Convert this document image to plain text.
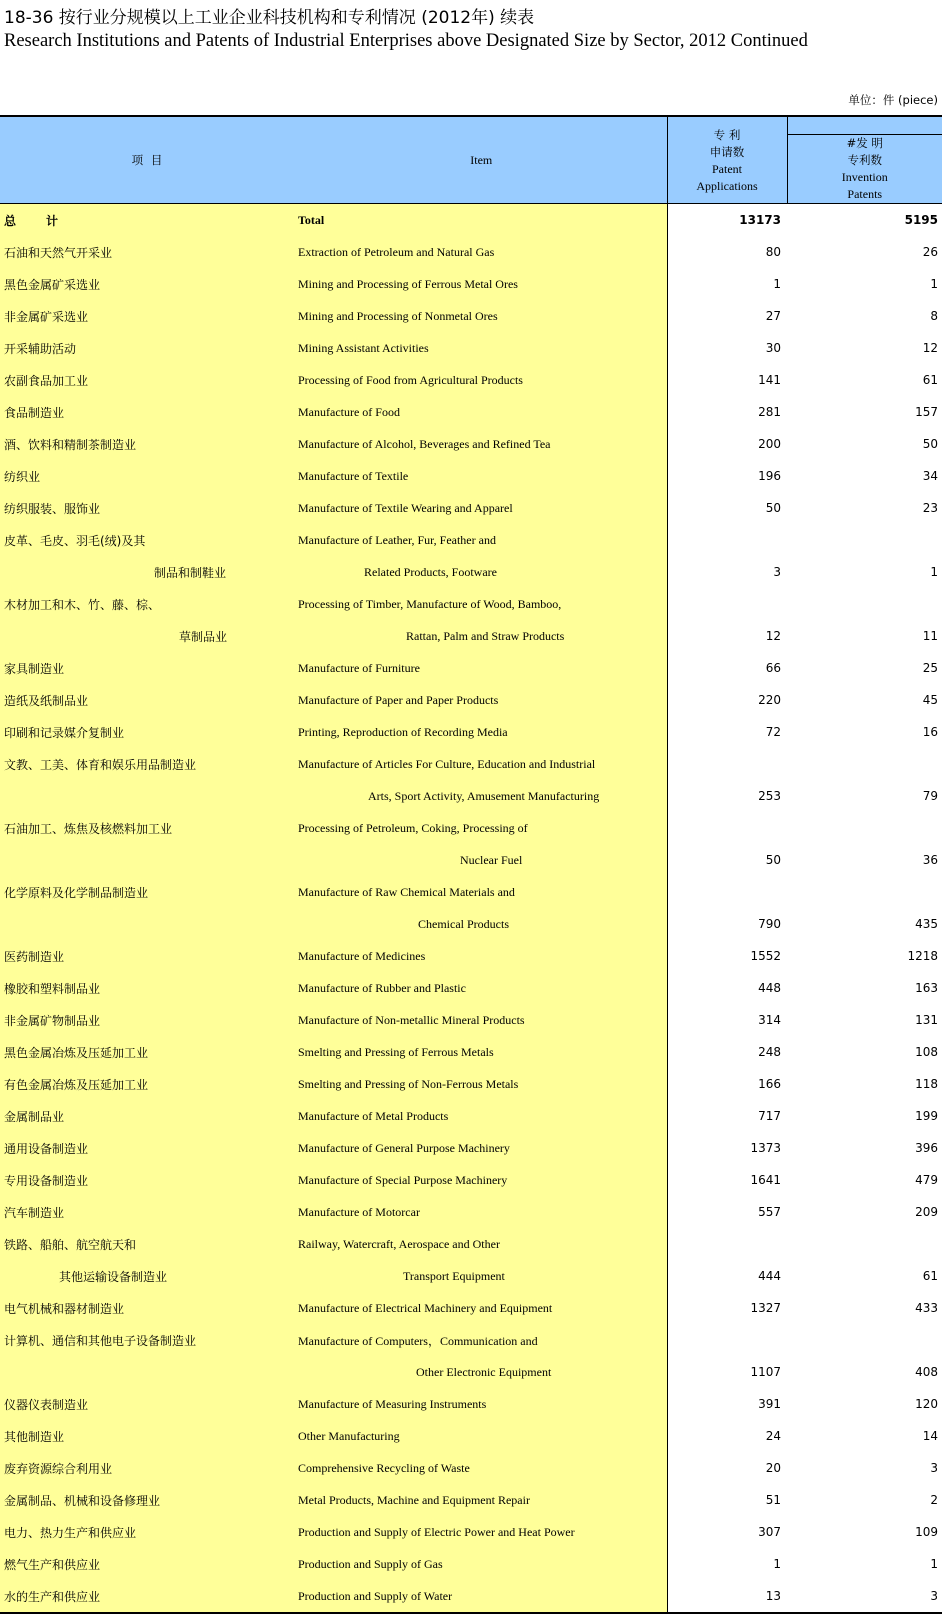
18-36 按行业分规模以上工业企业科技机构和专利情况 (2012年) 续表
Research Institutions and Patents of Industrial Enterprises above Designated Size by Sector, 2012 Continued
单位：件 (piece)
项 目	Item	专 利
申请数
Patent
Applications	

			#发 明
专利数
Invention
Patents

总 计	Total	13173	5195
石油和天然气开采业	Extraction of Petroleum and Natural Gas	80	26
黑色金属矿采选业	Mining and Processing of Ferrous Metal Ores	1	1
非金属矿采选业	Mining and Processing of Nonmetal Ores	27	8
开采辅助活动	Mining Assistant Activities	30	12
农副食品加工业	Processing of Food from Agricultural Products	141	61
食品制造业	Manufacture of Food	281	157
酒、饮料和精制茶制造业	Manufacture of Alcohol, Beverages and Refined Tea	200	50
纺织业	Manufacture of Textile	196	34
纺织服装、服饰业	Manufacture of Textile Wearing and Apparel	50	23
皮革、毛皮、羽毛(绒)及其	Manufacture of Leather, Fur, Feather and		
制品和制鞋业	Related Products, Footware	3	1
木材加工和木、竹、藤、棕、	Processing of Timber, Manufacture of Wood, Bamboo,		
草制品业	Rattan, Palm and Straw Products	12	11
家具制造业	Manufacture of Furniture	66	25
造纸及纸制品业	Manufacture of Paper and Paper Products	220	45
印刷和记录媒介复制业	Printing, Reproduction of Recording Media	72	16
文教、工美、体育和娱乐用品制造业	Manufacture of Articles For Culture, Education and Industrial		
	Arts, Sport Activity, Amusement Manufacturing	253	79
石油加工、炼焦及核燃料加工业	Processing of Petroleum, Coking, Processing of		
	Nuclear Fuel	50	36
化学原料及化学制品制造业	Manufacture of Raw Chemical Materials and		
	Chemical Products	790	435
医药制造业	Manufacture of Medicines	1552	1218
橡胶和塑料制品业	Manufacture of Rubber and Plastic	448	163
非金属矿物制品业	Manufacture of Non-metallic Mineral Products	314	131
黑色金属冶炼及压延加工业	Smelting and Pressing of Ferrous Metals	248	108
有色金属冶炼及压延加工业	Smelting and Pressing of Non-Ferrous Metals	166	118
金属制品业	Manufacture of Metal Products	717	199
通用设备制造业	Manufacture of General Purpose Machinery	1373	396
专用设备制造业	Manufacture of Special Purpose Machinery	1641	479
汽车制造业	Manufacture of Motorcar	557	209
铁路、船舶、航空航天和	Railway, Watercraft, Aerospace and Other		
其他运输设备制造业	Transport Equipment	444	61
电气机械和器材制造业	Manufacture of Electrical Machinery and Equipment	1327	433
计算机、通信和其他电子设备制造业	Manufacture of Computers，Communication and		
	Other Electronic Equipment	1107	408
仪器仪表制造业	Manufacture of Measuring Instruments	391	120
其他制造业	Other Manufacturing	24	14
废弃资源综合利用业	Comprehensive Recycling of Waste	20	3
金属制品、机械和设备修理业	Metal Products, Machine and Equipment Repair	51	2
电力、热力生产和供应业	Production and Supply of Electric Power and Heat Power	307	109
燃气生产和供应业	Production and Supply of Gas	1	1
水的生产和供应业	Production and Supply of Water	13	3
